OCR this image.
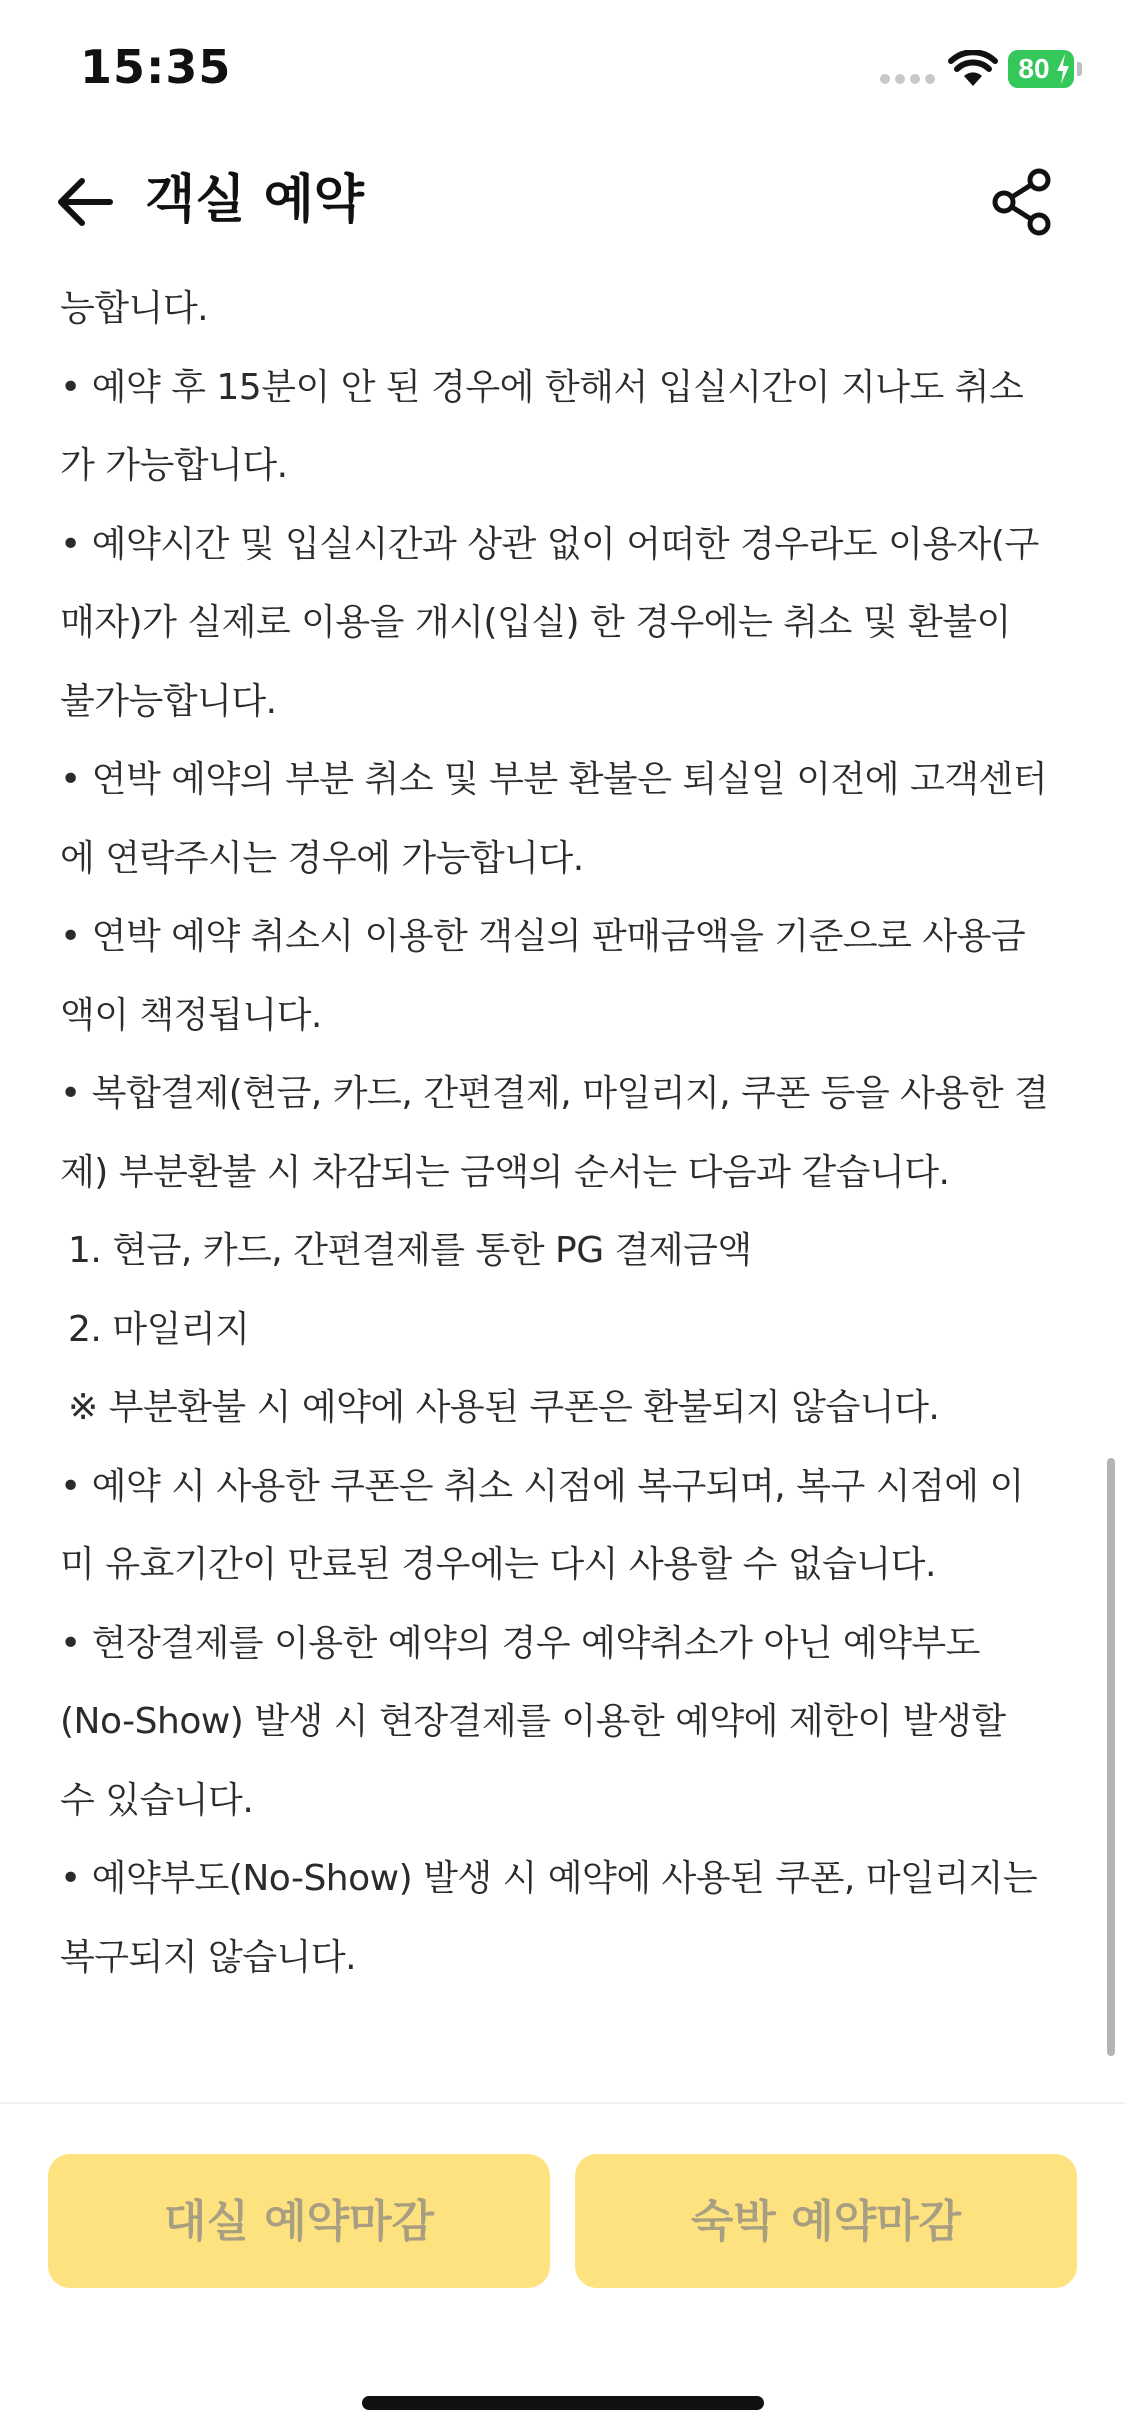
15:35	80
객실 예약

능합니다.

• 예약 후 15분이 안 된 경우에 한해서 입실시간이 지나도 취소

가 가능합니다.

• 예약시간 및 입실시간과 상관 없이 어떠한 경우라도 이용자(구

매자)가 실제로 이용을 개시(입실) 한 경우에는 취소 및 환불이

불가능합니다.

• 연박 예약의 부분 취소 및 부분 환불은 퇴실일 이전에 고객센터

에 연락주시는 경우에 가능합니다.

• 연박 예약 취소시 이용한 객실의 판매금액을 기준으로 사용금

액이 책정됩니다.

• 복합결제(현금, 카드, 간편결제, 마일리지, 쿠폰 등을 사용한 결

제) 부분환불 시 차감되는 금액의 순서는 다음과 같습니다.

1. 현금, 카드, 간편결제를 통한 PG 결제금액

2. 마일리지

※ 부분환불 시 예약에 사용된 쿠폰은 환불되지 않습니다.

• 예약 시 사용한 쿠폰은 취소 시점에 복구되며, 복구 시점에 이

미 유효기간이 만료된 경우에는 다시 사용할 수 없습니다.

• 현장결제를 이용한 예약의 경우 예약취소가 아닌 예약부도

(No-Show) 발생 시 현장결제를 이용한 예약에 제한이 발생할

수 있습니다.

• 예약부도(No-Show) 발생 시 예약에 사용된 쿠폰, 마일리지는

복구되지 않습니다.

대실 예약마감	숙박 예약마감
